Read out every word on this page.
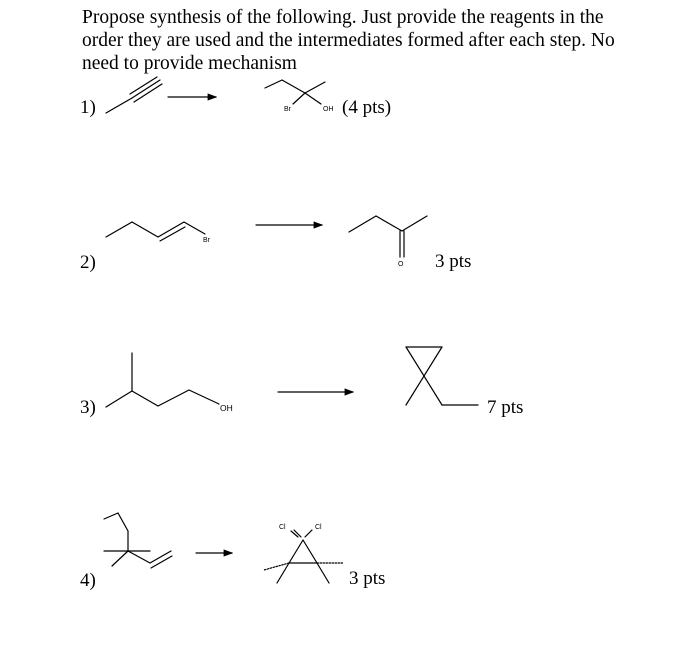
Propose synthesis of the following. Just provide the reagents in the order they are used and the intermediates formed after each step. No need to provide mechanism

1)	(4 pts)
2)	3 pts
3)	7 pts
4)	3 pts
Br	OH
Br
O
OH
Cl	Cl
